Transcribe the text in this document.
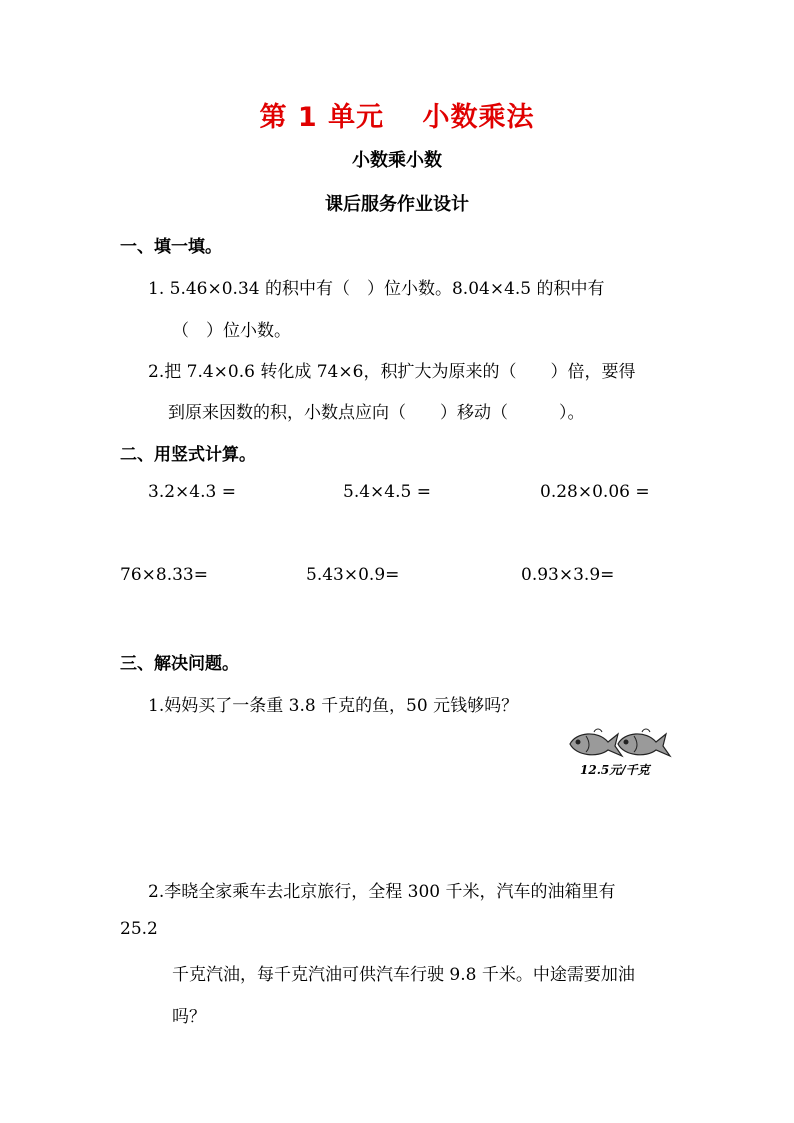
第 1 单元　 小数乘法
小数乘小数
课后服务作业设计
一、填一填。
1. 5.46×0.34 的积中有（　）位小数。8.04×4.5 的积中有
（　）位小数。
2.把 7.4×0.6 转化成 74×6，积扩大为原来的（　　）倍，要得
到原来因数的积，小数点应向（　　）移动（　　　）。
二、用竖式计算。
3.2×4.3 =	5.4×4.5 =	0.28×0.06 =
76×8.33=	5.43×0.9=	0.93×3.9=
三、解决问题。
1.妈妈买了一条重 3.8 千克的鱼，50 元钱够吗？
12.5元/千克
2.李晓全家乘车去北京旅行，全程 300 千米，汽车的油箱里有
25.2
千克汽油，每千克汽油可供汽车行驶 9.8 千米。中途需要加油
吗？
